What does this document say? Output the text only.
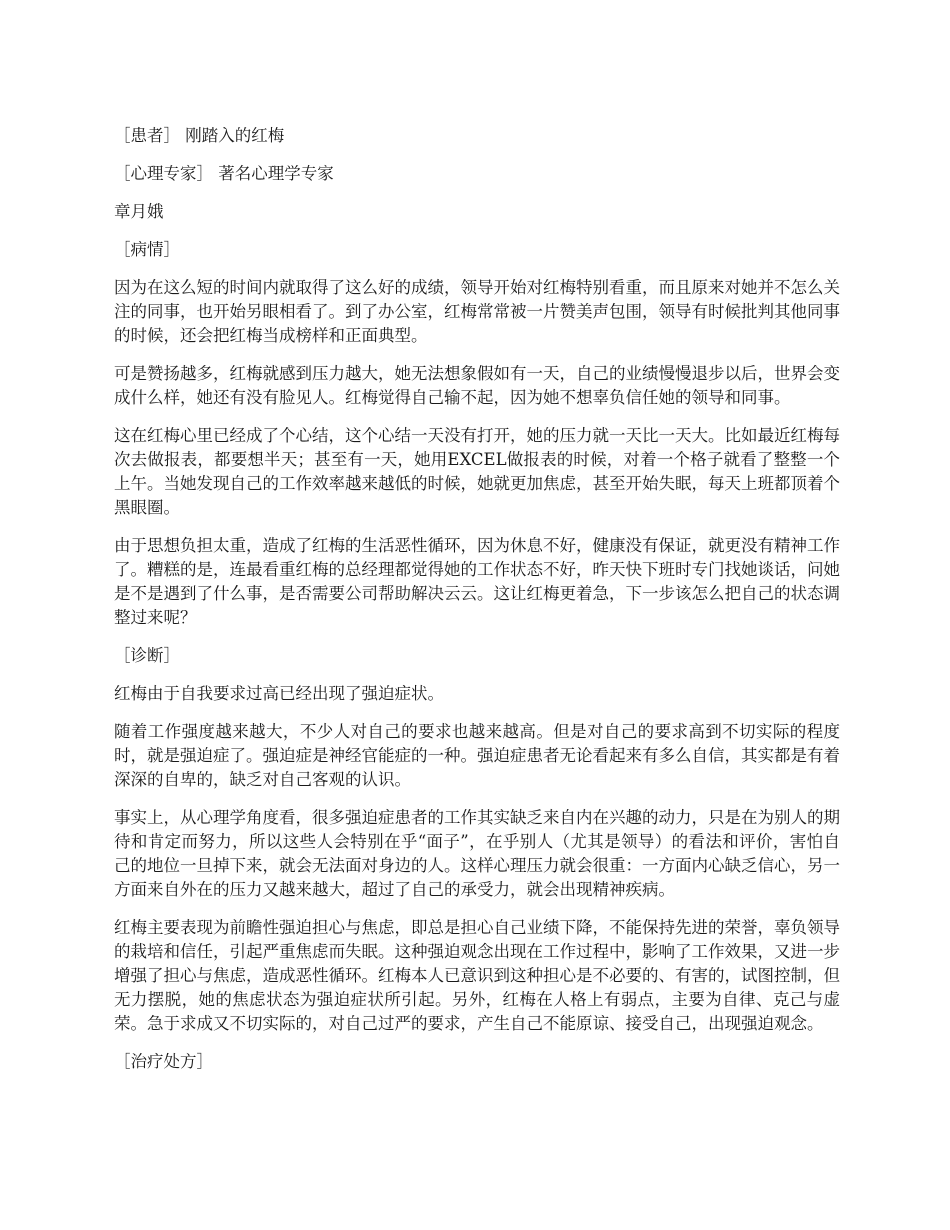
［患者］ 刚踏入的红梅
［心理专家］ 著名心理学专家
章月娥
［病情］
因为在这么短的时间内就取得了这么好的成绩，领导开始对红梅特别看重，而且原来对她并不怎么关注的同事，也开始另眼相看了。到了办公室，红梅常常被一片赞美声包围，领导有时候批判其他同事的时候，还会把红梅当成榜样和正面典型。
可是赞扬越多，红梅就感到压力越大，她无法想象假如有一天，自己的业绩慢慢退步以后，世界会变成什么样，她还有没有脸见人。红梅觉得自己输不起，因为她不想辜负信任她的领导和同事。
这在红梅心里已经成了个心结，这个心结一天没有打开，她的压力就一天比一天大。比如最近红梅每次去做报表，都要想半天；甚至有一天，她用EXCEL做报表的时候，对着一个格子就看了整整一个上午。当她发现自己的工作效率越来越低的时候，她就更加焦虑，甚至开始失眠，每天上班都顶着个黑眼圈。
由于思想负担太重，造成了红梅的生活恶性循环，因为休息不好，健康没有保证，就更没有精神工作了。糟糕的是，连最看重红梅的总经理都觉得她的工作状态不好，昨天快下班时专门找她谈话，问她是不是遇到了什么事，是否需要公司帮助解决云云。这让红梅更着急，下一步该怎么把自己的状态调整过来呢？
［诊断］
红梅由于自我要求过高已经出现了强迫症状。
随着工作强度越来越大，不少人对自己的要求也越来越高。但是对自己的要求高到不切实际的程度时，就是强迫症了。强迫症是神经官能症的一种。强迫症患者无论看起来有多么自信，其实都是有着深深的自卑的，缺乏对自己客观的认识。
事实上，从心理学角度看，很多强迫症患者的工作其实缺乏来自内在兴趣的动力，只是在为别人的期待和肯定而努力，所以这些人会特别在乎“面子”，在乎别人（尤其是领导）的看法和评价，害怕自己的地位一旦掉下来，就会无法面对身边的人。这样心理压力就会很重：一方面内心缺乏信心，另一方面来自外在的压力又越来越大，超过了自己的承受力，就会出现精神疾病。
红梅主要表现为前瞻性强迫担心与焦虑，即总是担心自己业绩下降，不能保持先进的荣誉，辜负领导的栽培和信任，引起严重焦虑而失眠。这种强迫观念出现在工作过程中，影响了工作效果，又进一步增强了担心与焦虑，造成恶性循环。红梅本人已意识到这种担心是不必要的、有害的，试图控制，但无力摆脱，她的焦虑状态为强迫症状所引起。另外，红梅在人格上有弱点，主要为自律、克己与虚荣。急于求成又不切实际的，对自己过严的要求，产生自己不能原谅、接受自己，出现强迫观念。
［治疗处方］
